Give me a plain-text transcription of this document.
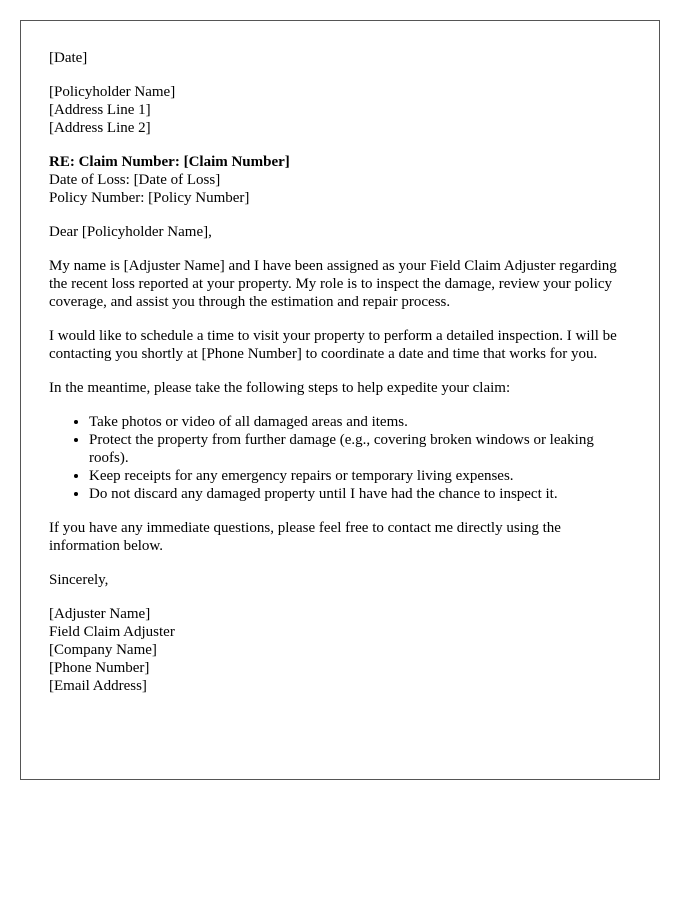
[Date]
[Policyholder Name]
[Address Line 1]
[Address Line 2]
RE: Claim Number: [Claim Number]
Date of Loss: [Date of Loss]
Policy Number: [Policy Number]

Dear [Policyholder Name],

My name is [Adjuster Name] and I have been assigned as your Field Claim Adjuster regarding the recent loss reported at your property. My role is to inspect the damage, review your policy coverage, and assist you through the estimation and repair process.

I would like to schedule a time to visit your property to perform a detailed inspection. I will be contacting you shortly at [Phone Number] to coordinate a date and time that works for you.

In the meantime, please take the following steps to help expedite your claim:

• Take photos or video of all damaged areas and items.
• Protect the property from further damage (e.g., covering broken windows or leaking roofs).
• Keep receipts for any emergency repairs or temporary living expenses.
• Do not discard any damaged property until I have had the chance to inspect it.

If you have any immediate questions, please feel free to contact me directly using the information below.

Sincerely,

[Adjuster Name]
Field Claim Adjuster
[Company Name]
[Phone Number]
[Email Address]
